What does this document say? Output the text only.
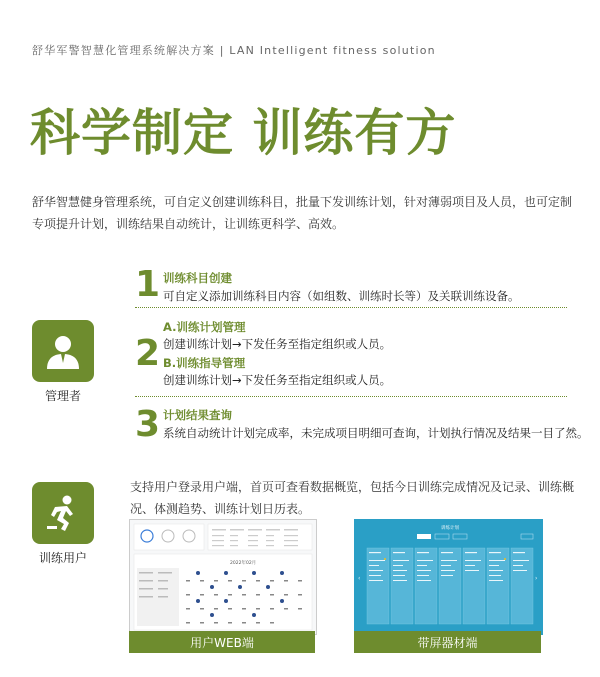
舒华军警智慧化管理系统解决方案 | LAN Intelligent fitness solution
科学制定 训练有方
舒华智慧健身管理系统，可自定义创建训练科目，批量下发训练计划，针对薄弱项目及人员，也可定制专项提升计划，训练结果自动统计，让训练更科学、高效。
管理者
1 训练科目创建
可自定义添加训练科目内容（如组数、训练时长等）及关联训练设备。
2
A.训练计划管理
创建训练计划→下发任务至指定组织或人员。
B.训练指导管理
创建训练计划→下发任务至指定组织或人员。
3 计划结果查询
系统自动统计计划完成率，未完成项目明细可查询，计划执行情况及结果一目了然。
训练用户
支持用户登录用户端，首页可查看数据概览，包括今日训练完成情况及记录、训练概况、体测趋势、训练计划日历表。
2022年02月
用户WEB端
训练计划
‹	›
带屏器材端
